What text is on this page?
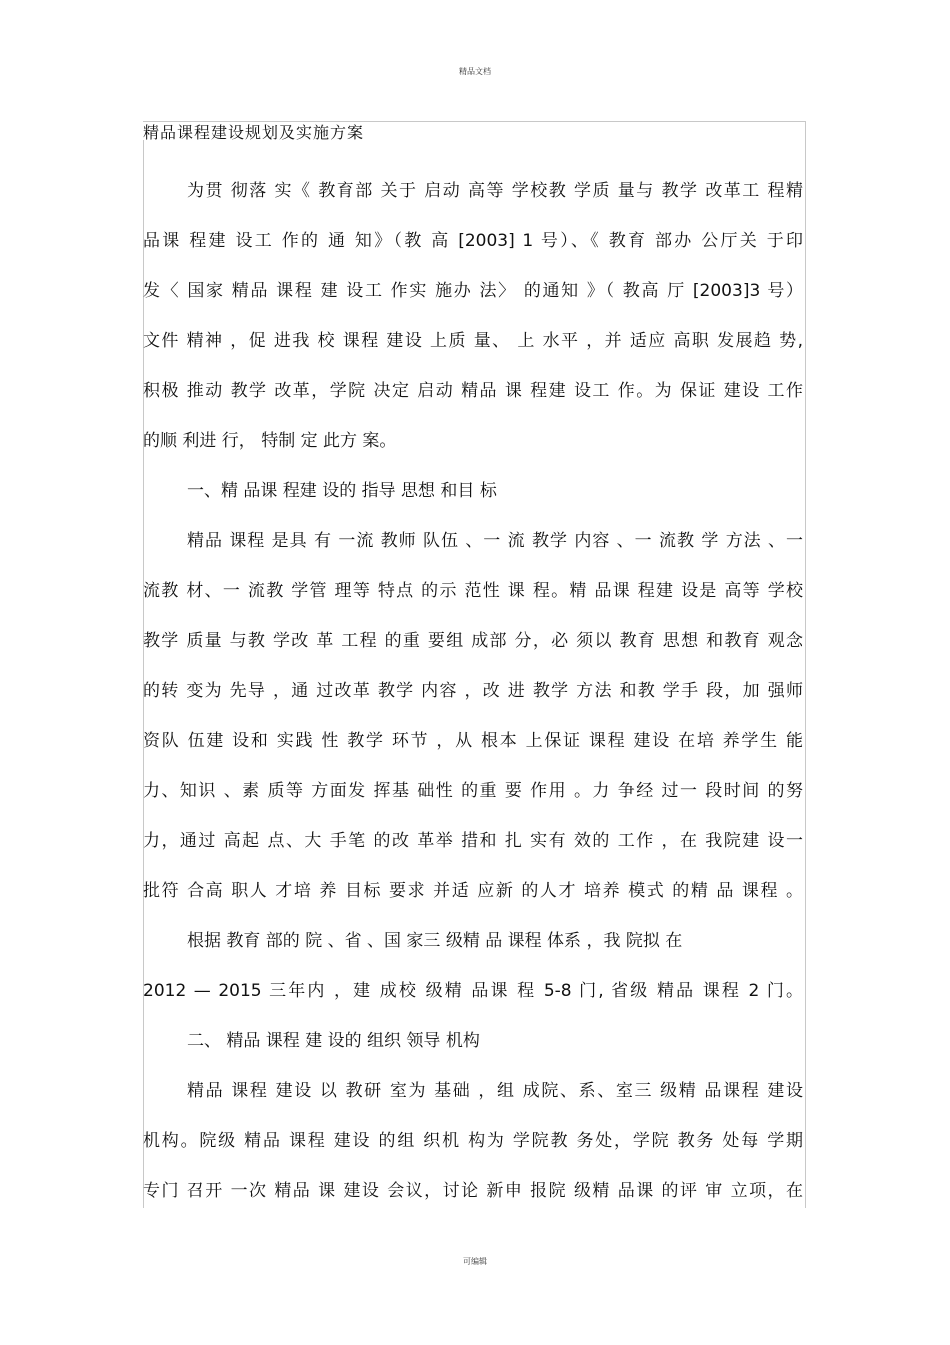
精品文档
精品课程建设规划及实施方案
为贯 彻落 实《 教育部 关于 启动 高等 学校教 学质 量与 教学 改革工 程精
品课 程建 设工 作的 通 知》（教 高 [2003] 1 号）、《 教育 部办 公厅关 于印
发〈 国家 精品 课程 建 设工 作实 施办 法〉 的通知 》（ 教高 厅 [2003]3 号）
文件 精神 ，促 进我 校 课程 建设 上质 量、 上 水平 ，并 适应 高职 发展趋 势,
积极 推动 教学 改革，学院 决定 启动 精品 课 程建 设工 作。为 保证 建设 工作
的顺 利进 行， 特制 定 此方 案。
一、精 品课 程建 设的 指导 思想 和目 标
精品 课程 是具 有 一流 教师 队伍 、一 流 教学 内容 、一 流教 学 方法 、一
流教 材、一 流教 学管 理等 特点 的示 范性 课 程。精 品课 程建 设是 高等 学校
教学 质量 与教 学改 革 工程 的重 要组 成部 分，必 须以 教育 思想 和教育 观念
的转 变为 先导 ，通 过改革 教学 内容 ，改 进 教学 方法 和教 学手 段，加 强师
资队 伍建 设和 实践 性 教学 环节 ，从 根本 上保证 课程 建设 在培 养学生 能
力、知识 、素 质等 方面发 挥基 础性 的重 要 作用 。力 争经 过一 段时间 的努
力，通过 高起 点、大 手笔 的改 革举 措和 扎 实有 效的 工作 ，在 我院建 设一
批符 合高 职人 才培 养 目标 要求 并适 应新 的人才 培养 模式 的精 品 课程 。
根据 教育 部的 院 、省 、国 家三 级精 品 课程 体系 ，我 院拟 在
2012 — 2015 三年内 ，建 成校 级精 品课 程 5-8 门, 省级 精品 课程 2 门。
二、 精品 课程 建 设的 组织 领导 机构
精品 课程 建设 以 教研 室为 基础 ，组 成院、系、室三 级精 品课程 建设
机构。院级 精品 课程 建设 的组 织机 构为 学院教 务处，学院 教务 处每 学期
专门 召开 一次 精品 课 建设 会议，讨论 新申 报院 级精 品课 的评 审 立项，在
可编辑
